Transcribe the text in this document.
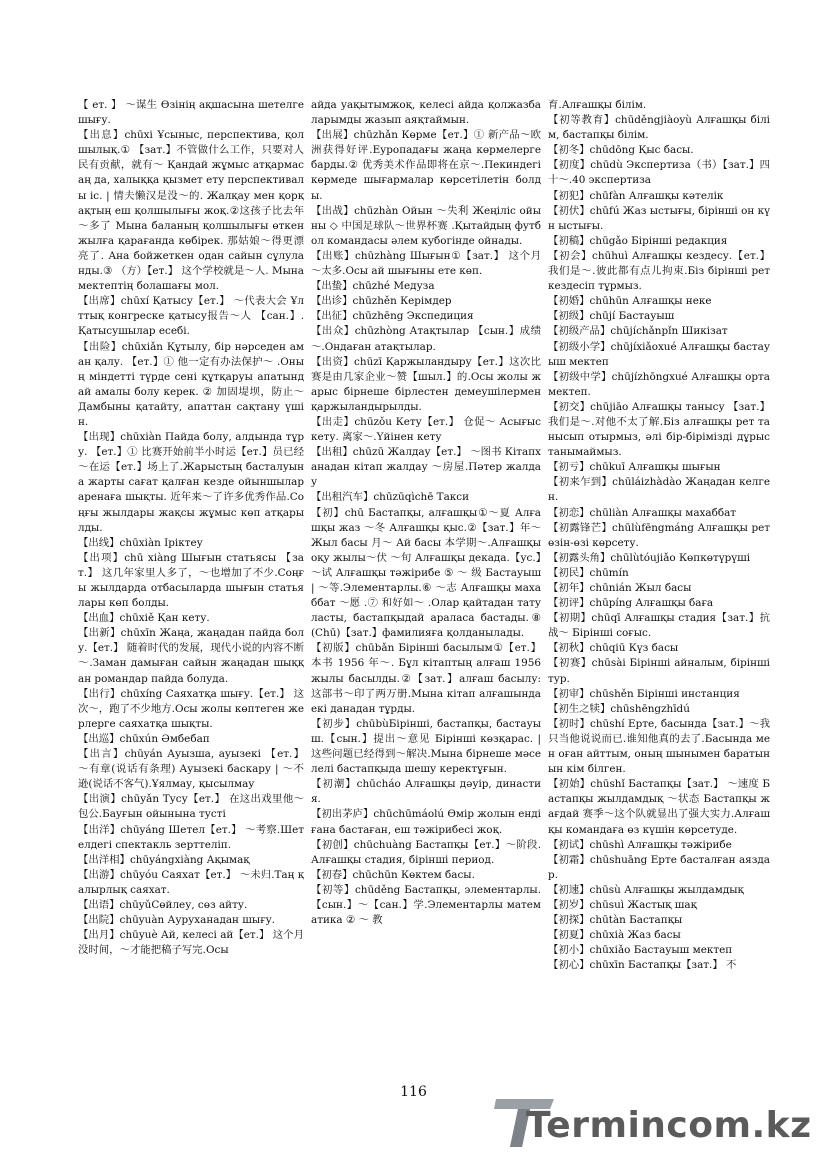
【 ет. 】 ～谋生 Өзінің ақшасына шетелге шығу.

【出息】chūxi Ұсыныс, перспектива, қолшылық.① 【зат.】不管做什么工作，只要对人民有贡献，就有～ Қандай жұмыс атқармасаң да, халыққа қызмет ету перспективалы іс. | 情夫懒汉是没～的. Жалқау мен қорқақтың еш қолшылығы жоқ.②这孩子比去年～多了 Мына баланың қолшылығы өткен жылға қарағанда көбірек. 那姑娘～得更漂亮了. Ана бойжеткен одан сайын сұлуланды.③ （方）【ет.】 这个学校就是～人. Мына мектептің болашағы мол.

【出席】chūxí Қатысу【ет.】 ～代表大会 Ұлттық конгреске қатысу报告～人 【сан.】.Қатысушылар есебі.

【出险】chūxiǎn Құтылу, бір нәрседен аман қалу. 【ет.】① 他一定有办法保护～ .Оның міндетті түрде сені құтқаруы апатындай амалы болу керек. ② 加固堤坝，防止～ Дамбыны қатайту, апаттан сақтану үшін.

【出现】chūxiàn Пайда болу, алдында тұру. 【ет.】① 比赛开始前半小时运【ет.】员已经～在运【ет.】场上了.Жарыстың басталуына жарты сағат қалған кезде ойыншылар аренаға шықты. 近年来～了许多优秀作品.Соңғы жылдары жақсы жұмыс көп атқарылды.

【出线】chūxiàn Іріктеу

【出项】chū xiàng Шығын статьясы 【зат.】 这几年家里人多了，～也增加了不少.Соңғы жылдарда отбасыларда шығын статьялары көп болды.

【出血】chūxiě Қан кету.

【出新】chūxīn Жаңа, жаңадан пайда болу.【ет.】 随着时代的发展，现代小说的内容不断～.Заман дамыған сайын жаңадан шыққан романдар пайда болуда.

【出行】chūxíng Саяхатқа шығу.【ет.】 这次～，跑了不少地方.Осы жолы көптеген жерлерге саяхатқа шықты.

【出巡】chūxún Әмбебап

【出言】chūyán Ауызша, ауызекі 【ет.】 ～有章(说话有条理) Ауызекі баскару | ～不逊(说话不客气).Ұялмау, қысылмау

【出演】chūyǎn Тусу【ет.】 在这出戏里他～包公.Бауғын ойынына тусті

【出洋】chūyáng Шетел【ет.】 ～考察.Шетелдегі спектакль зерттеліп.

【出洋相】chūyángxiàng Ақымақ

【出游】chūyóu Саяхат【ет.】 ～未归.Таң қалырлық саяхат.

【出语】chūyǔСөйлеу, сөз айту.

【出院】chūyuàn Ауруханадан шығу.

【出月】chūyuè Ай, келесі ай【ет.】 这个月没时间，～才能把稿子写完.Осы

айда уақытымжоқ, келесі айда қолжазбаларымды жазып аяқтаймын.

【出展】chūzhǎn Көрме【ет.】① 新产品～欧洲获得好评.Еуропадағы жаңа көрмелерге барды.② 优秀美术作品即将在京～.Пекиндегі көрмеде шығармалар көрсетілетін болды.

【出战】chūzhàn Ойын ～失利 Жеңіліс ойыны ◇ 中国足球队～世界杯赛 .Қытайдың футбол командасы әлем кубогінде ойнады.

【出账】chūzhàng Шығын①【зат.】 这个月～太多.Осы ай шығыны ете көп.

【出蛰】chūzhé Медуза

【出诊】chūzhěn Керімдер

【出征】chūzhēng Экспедиция

【出众】chūzhòng Атақтылар 【сын.】成绩～.Ондаған атақтылар.

【出资】chūzī Қаржыландыру【ет.】这次比赛是由几家企业～赞【шыл.】的.Осы жолы жарыс бірнеше бірлестен демеушілермен қаржыландырылды.

【出走】chūzǒu Кету【ет.】 仓促～ Асығыс кету. 离家～.Үйінен кету

【出租】chūzū Жалдау【ет.】 ～图书 Кітапханадан кітап жалдау ～房屋.Пәтер жалдау

【出租汽车】chūzūqìchē Такси

【初】chū Бастапқы, алғашқы①～夏 Алғашқы жаз ～冬 Алғашқы қыс.②【зат.】年～ Жыл басы 月～ Ай басы 本学期～.Алғашқы оқу жылы～伏 ～旬 Алғашқы декада.【ус.】～试 Алғашқы тәжірибе ⑤ ～ 级 Бастауыш | ～等.Элементарлы.⑥ ～志 Алғашқы махаббат ～愿 .⑦ 和好如～ .Олар қайтадан татуласты, бастапқыдай араласа бастады.⑧(Chū)【зат.】фамилияға қолданылады.

【初版】chūbǎn Бірінші басылым①【ет.】 本书 1956 年～. Бұл кітаптың алғаш 1956 жылы басылды.②【зат.】алғаш басылу: 这部书～印了两万册.Мына кітап алғашында екі данадан тұрды.

【初步】chūbùБірінші, бастапқы, бастауыш.【сын.】提出～意见 Бірінші көзқарас. | 这些问题已经得到～解决.Мына бірнеше мәселелі бастапқыда шешу керектұғын.

【初潮】chūcháo Алғашқы дәуір, династия.

【初出茅庐】chūchūmáolú Өмір жолын енді ғана бастаған, еш тәжірибесі жоқ.

【初创】chūchuàng Бастапқы【ет.】～阶段.Алғашқы стадия, бірінші период.

【初春】chūchūn Көктем басы.

【初等】chūděng Бастапқы, элементарлы.【сын.】～【сан.】学.Элементарлы математика ② ～ 教

育.Алғашқы білім.

【初等教育】chūděngjiàoyù Алғашқы білім, бастапқы білім.

【初冬】chūdōng Қыс басы.

【初度】chūdù Экспертиза（书）【зат.】四十～.40 экспертиза

【初犯】chūfàn Алғашқы кәтелік

【初伏】chūfú Жаз ыстығы, бірінші он күн ыстығы.

【初稿】chūgǎo Бірінші редакция

【初会】chūhuì Алғашқы кездесу.【ет.】我们是～.彼此都有点儿拘束.Біз бірінші рет кездесіп тұрмыз.

【初婚】chūhūn Алғашқы неке

【初级】chūjí Бастауыш

【初级产品】chūjíchǎnpǐn Шикізат

【初级小学】chūjíxiǎoxué Алғашқы бастауыш мектеп

【初级中学】chūjízhōngxué Алғашқы орта мектеп.

【初交】chūjiāo Алғашқы танысу 【зат.】我们是～.对他不太了解.Біз алғашқы рет танысып отырмыз, әлі бір-бірімізді дұрыс танымаймыз.

【初亏】chūkuī Алғашқы шығын

【初来乍到】chūláizhàdào Жаңадан келген.

【初恋】chūliàn Алғашқы махаббат

【初露锋芒】chūlùfēngmáng Алғашқы рет өзін-өзі көрсету.

【初露头角】chūlùtóujiǎo Көпкөтүрүші

【初民】chūmín

【初年】chūnián Жыл басы

【初评】chūpíng Алғашқы баға

【初期】chūqī Алғашқы стадия【зат.】抗战～ Бірінші соғыс.

【初秋】chūqiū Күз басы

【初赛】chūsài Бірінші айналым, бірінші тур.

【初审】chūshěn Бірінші инстанция

【初生之犊】chūshēngzhīdú

【初时】chūshí Ерте, басында【зат.】～我只当他说说而已.谁知他真的去了.Басында мен оған айттым, оның шынымен баратынын кім білген.

【初始】chūshǐ Бастапқы【зат.】 ～速度 Бастапқы жылдамдық ～状态 Бастапқы жағдай 赛季～这个队就显出了强大实力.Алғашқы командаға өз күшін көрсетуде.

【初试】chūshì Алғашқы тәжірибе

【初霜】chūshuāng Ерте басталған аяздар.

【初速】chūsù Алғашқы жылдамдық

【初岁】chūsuì Жастық шақ

【初探】chūtàn Бастапқы

【初夏】chūxià Жаз басы

【初小】chūxiǎo Бастауыш мектеп

【初心】chūxīn Бастапқы【зат.】 不

116
Termincom.kz
